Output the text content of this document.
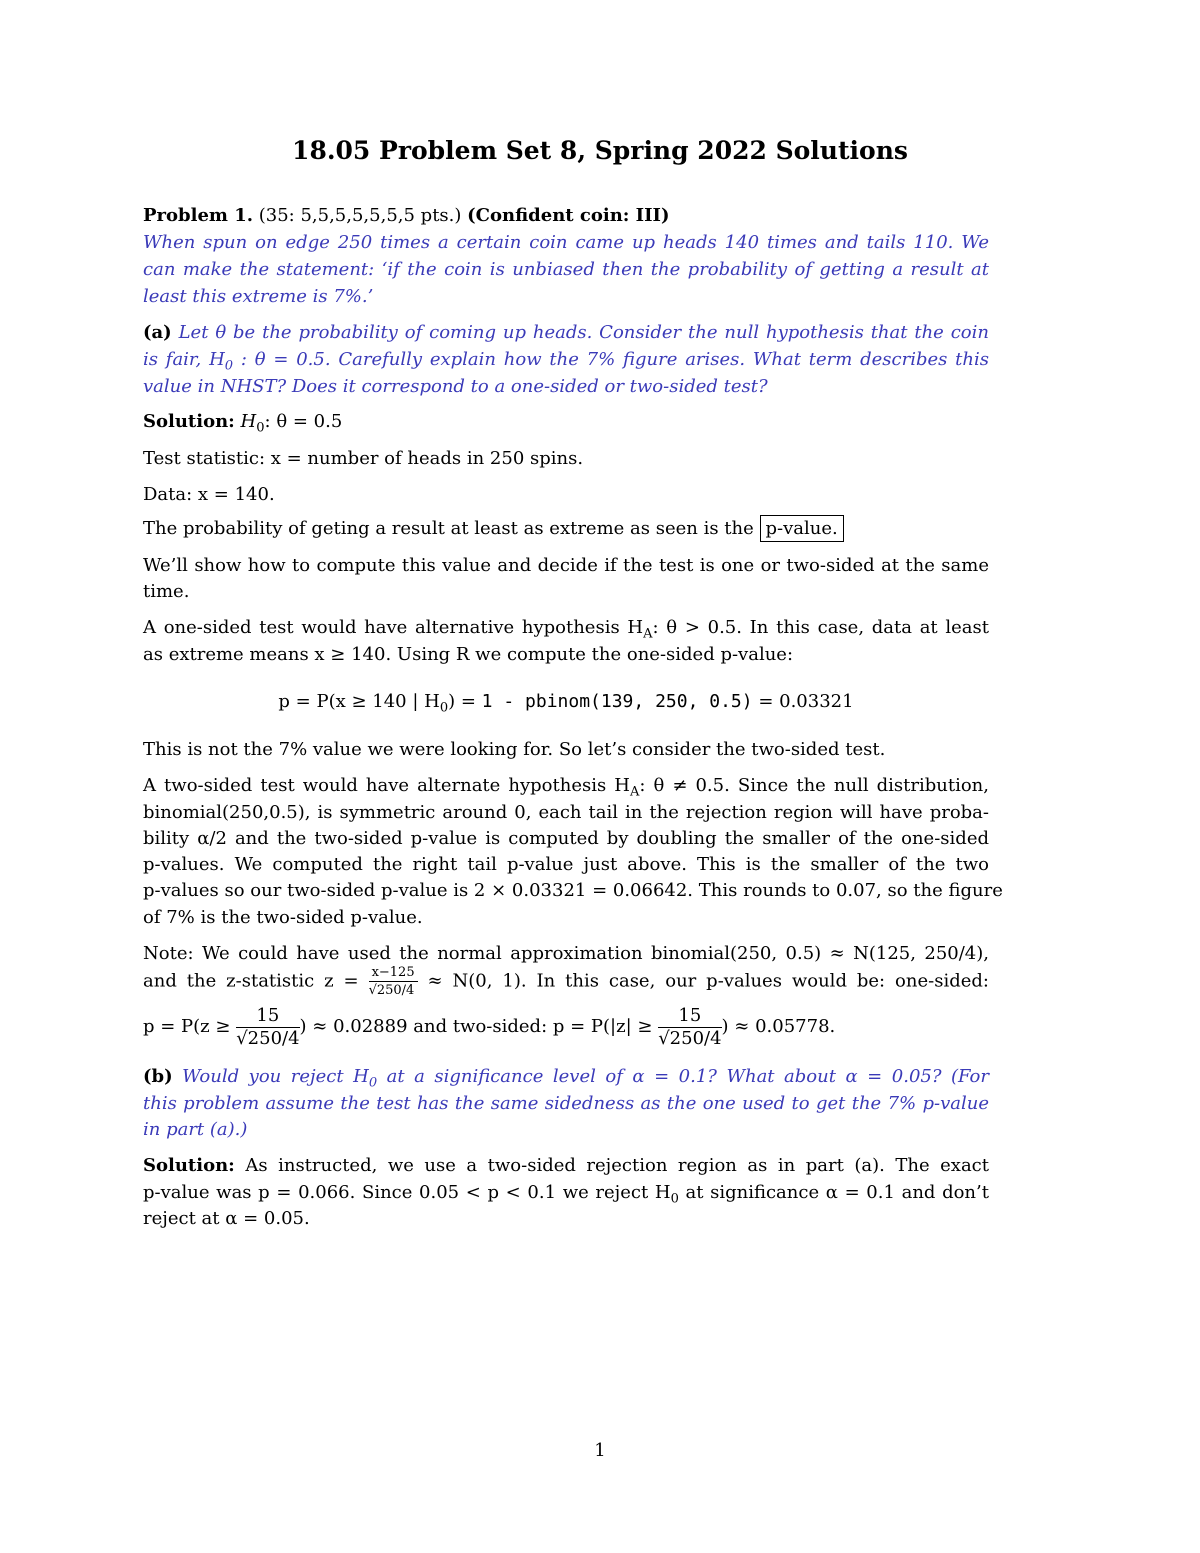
18.05 Problem Set 8, Spring 2022 Solutions
Problem 1. (35: 5,5,5,5,5,5,5 pts.) (Confident coin: III)
When spun on edge 250 times a certain coin came up heads 140 times and tails 110. We
can make the statement: ‘if the coin is unbiased then the probability of getting a result at
least this extreme is 7%.’
(a) Let θ be the probability of coming up heads. Consider the null hypothesis that the coin
is fair, $H_0$ : θ = 0.5. Carefully explain how the 7% figure arises. What term describes this
value in NHST? Does it correspond to a one-sided or two-sided test?
Solution: $H_0$: θ = 0.5
Test statistic: x = number of heads in 250 spins.
Data: x = 140.
The probability of geting a result at least as extreme as seen is the p-value.
We’ll show how to compute this value and decide if the test is one or two-sided at the same
time.
A one-sided test would have alternative hypothesis $H_A$: θ > 0.5. In this case, data at least
as extreme means x ≥ 140. Using R we compute the one-sided p-value:
p = P(x ≥ 140 | $H_0) = 1$ - pbinom(139, 250, 0.5) = 0.03321
This is not the 7% value we were looking for. So let’s consider the two-sided test.
A two-sided test would have alternate hypothesis $H_A$: θ ≠ 0.5. Since the null distribution,
binomial(250,0.5), is symmetric around 0, each tail in the rejection region will have proba-
bility α/2 and the two-sided p-value is computed by doubling the smaller of the one-sided
p-values. We computed the right tail p-value just above. This is the smaller of the two
p-values so our two-sided p-value is 2 × 0.03321 = 0.06642. This rounds to 0.07, so the figure
of 7% is the two-sided p-value.
Note: We could have used the normal approximation binomial(250, 0.5) ≈ N(125, 250/4),
and the z-statistic $z = \frac{x-125}{√250/4} \approx N(0$, 1). In this case, our p-values would be: one-sided:
$p = P(z \ge \frac{15}{√250/4}$ ) ≈ 0.02889 and two-sided: $p = P(|z| \ge \frac{15}{√250/4}$ ) ≈ 0.05778.
(b) Would you reject $H_0$ at a significance level of α = 0.1? What about α = 0.05? (For
this problem assume the test has the same sidedness as the one used to get the 7% p-value
in part (a).)
Solution: As instructed, we use a two-sided rejection region as in part (a). The exact
p-value was p = 0.066. Since 0.05 < p < 0.1 we reject $H_0$ at significance α = 0.1 and don’t
reject at α = 0.05.
1
